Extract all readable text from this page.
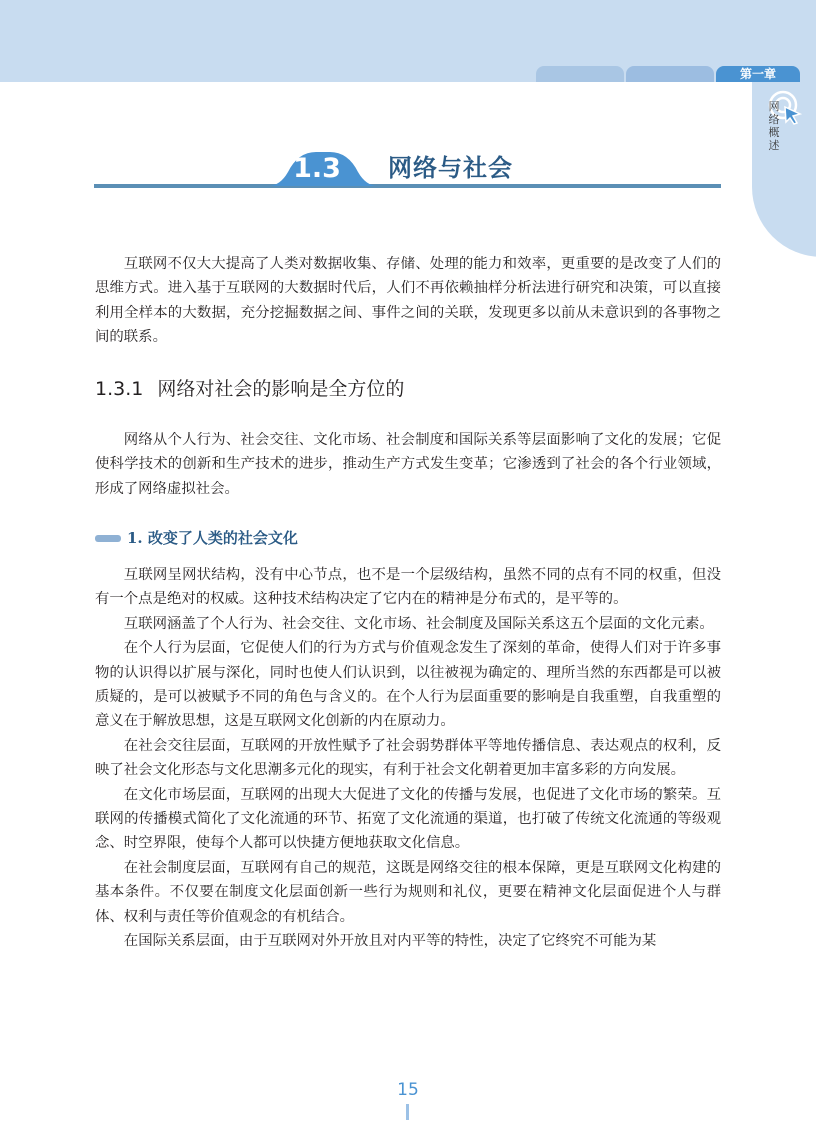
第一章
网络概述
1.3	网络与社会

互联网不仅大大提高了人类对数据收集、存储、处理的能力和效率，更重要的是改变了人们的思维方式。进入基于互联网的大数据时代后，人们不再依赖抽样分析法进行研究和决策，可以直接利用全样本的大数据，充分挖掘数据之间、事件之间的关联，发现更多以前从未意识到的各事物之间的联系。

1.3.1 网络对社会的影响是全方位的

网络从个人行为、社会交往、文化市场、社会制度和国际关系等层面影响了文化的发展；它促使科学技术的创新和生产技术的进步，推动生产方式发生变革；它渗透到了社会的各个行业领域，形成了网络虚拟社会。

1. 改变了人类的社会文化

互联网呈网状结构，没有中心节点，也不是一个层级结构，虽然不同的点有不同的权重，但没有一个点是绝对的权威。这种技术结构决定了它内在的精神是分布式的，是平等的。

互联网涵盖了个人行为、社会交往、文化市场、社会制度及国际关系这五个层面的文化元素。

在个人行为层面，它促使人们的行为方式与价值观念发生了深刻的革命，使得人们对于许多事物的认识得以扩展与深化，同时也使人们认识到，以往被视为确定的、理所当然的东西都是可以被质疑的，是可以被赋予不同的角色与含义的。在个人行为层面重要的影响是自我重塑，自我重塑的意义在于解放思想，这是互联网文化创新的内在原动力。

在社会交往层面，互联网的开放性赋予了社会弱势群体平等地传播信息、表达观点的权利，反映了社会文化形态与文化思潮多元化的现实，有利于社会文化朝着更加丰富多彩的方向发展。

在文化市场层面，互联网的出现大大促进了文化的传播与发展，也促进了文化市场的繁荣。互联网的传播模式简化了文化流通的环节、拓宽了文化流通的渠道，也打破了传统文化流通的等级观念、时空界限，使每个人都可以快捷方便地获取文化信息。

在社会制度层面，互联网有自己的规范，这既是网络交往的根本保障，更是互联网文化构建的基本条件。不仅要在制度文化层面创新一些行为规则和礼仪，更要在精神文化层面促进个人与群体、权利与责任等价值观念的有机结合。

在国际关系层面，由于互联网对外开放且对内平等的特性，决定了它终究不可能为某

15
